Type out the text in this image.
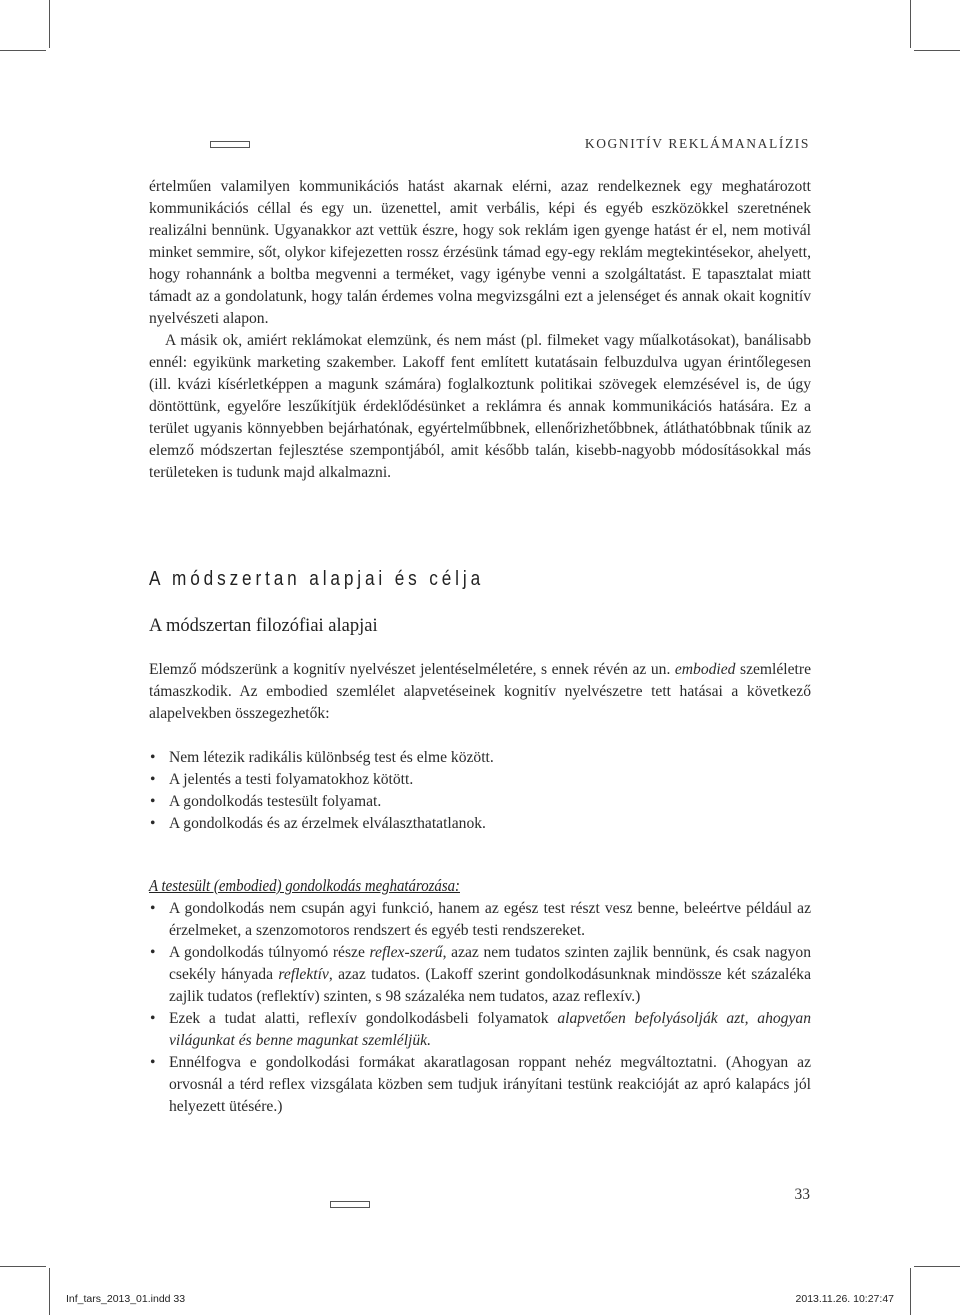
KOGNITÍV REKLÁMANALÍZIS

értelműen valamilyen kommunikációs hatást akarnak elérni, azaz rendelkeznek egy meghatározott kommunikációs céllal és egy un. üzenettel, amit verbális, képi és egyéb eszközökkel szeretnének realizálni bennünk. Ugyanakkor azt vettük észre, hogy sok reklám igen gyenge hatást ér el, nem motivál minket semmire, sőt, olykor kifejezetten rossz érzésünk támad egy-egy reklám megtekintésekor, ahelyett, hogy rohannánk a boltba megvenni a terméket, vagy igénybe venni a szolgáltatást. E tapasztalat miatt támadt az a gondolatunk, hogy talán érdemes volna megvizsgálni ezt a jelenséget és annak okait kognitív nyelvészeti alapon.

A másik ok, amiért reklámokat elemzünk, és nem mást (pl. filmeket vagy műalkotásokat), banálisabb ennél: egyikünk marketing szakember. Lakoff fent említett kutatásain felbuzdulva ugyan érintőlegesen (ill. kvázi kísérletképpen a magunk számára) foglalkoztunk politikai szövegek elemzésével is, de úgy döntöttünk, egyelőre leszűkítjük érdeklődésünket a reklámra és annak kommunikációs hatására. Ez a terület ugyanis könnyebben bejárhatónak, egyértelműbbnek, ellenőrizhetőbbnek, átláthatóbbnak tűnik az elemző módszertan fejlesztése szempontjából, amit később talán, kisebb-nagyobb módosításokkal más területeken is tudunk majd alkalmazni.

A módszertan alapjai és célja
A módszertan filozófiai alapjai

Elemző módszerünk a kognitív nyelvészet jelentéselméletére, s ennek révén az un. embodied szemléletre támaszkodik. Az embodied szemlélet alapvetéseinek kognitív nyelvészetre tett hatásai a következő alapelvekben összegezhetők:

• Nem létezik radikális különbség test és elme között.
• A jelentés a testi folyamatokhoz kötött.
• A gondolkodás testesült folyamat.
• A gondolkodás és az érzelmek elválaszthatatlanok.
A testesült (embodied) gondolkodás meghatározása:
• A gondolkodás nem csupán agyi funkció, hanem az egész test részt vesz benne, beleértve például az érzelmeket, a szenzomotoros rendszert és egyéb testi rendszereket.
• A gondolkodás túlnyomó része reflex-szerű, azaz nem tudatos szinten zajlik bennünk, és csak nagyon csekély hányada reflektív, azaz tudatos. (Lakoff szerint gondolkodásunknak mindössze két százaléka zajlik tudatos (reflektív) szinten, s 98 százaléka nem tudatos, azaz reflexív.)
• Ezek a tudat alatti, reflexív gondolkodásbeli folyamatok alapvetően befolyásolják azt, ahogyan világunkat és benne magunkat szemléljük.
• Ennélfogva e gondolkodási formákat akaratlagosan roppant nehéz megváltoztatni. (Ahogyan az orvosnál a térd reflex vizsgálata közben sem tudjuk irányítani testünk reakcióját az apró kalapács jól helyezett ütésére.)
33
Inf_tars_2013_01.indd 33	2013.11.26. 10:27:47
